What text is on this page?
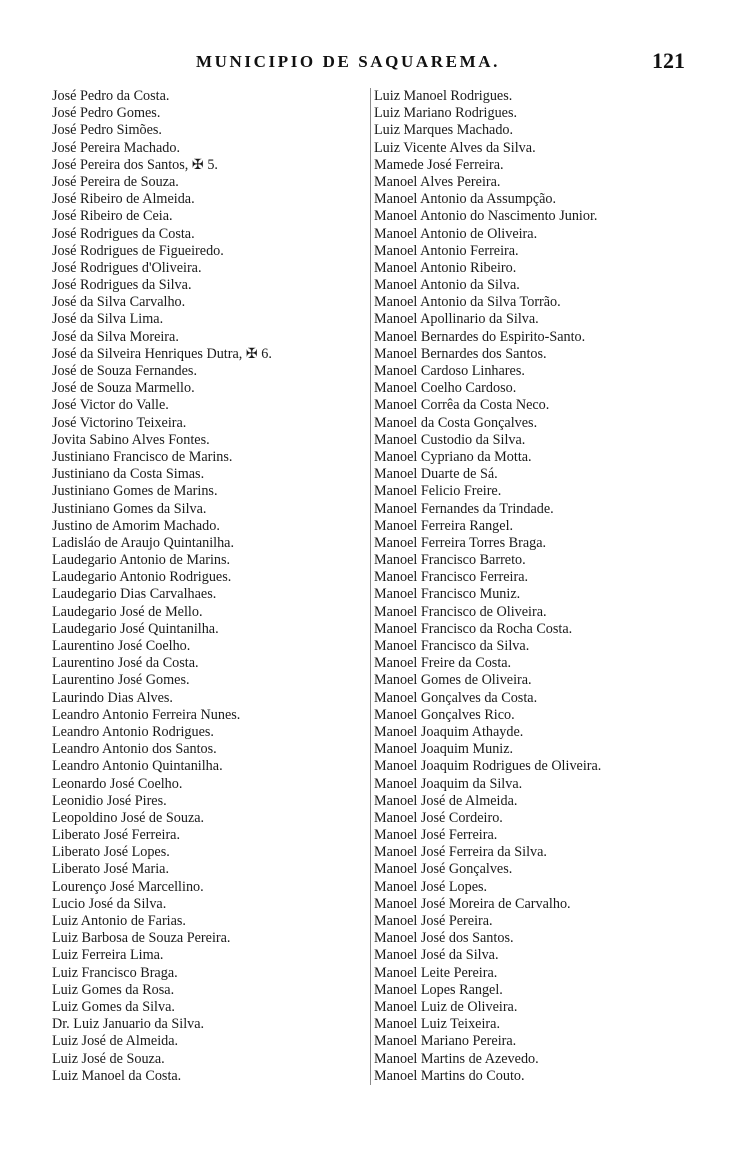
MUNICIPIO DE SAQUAREMA.	121
José Pedro da Costa.
José Pedro Gomes.
José Pedro Simões.
José Pereira Machado.
José Pereira dos Santos, ✠ 5.
José Pereira de Souza.
José Ribeiro de Almeida.
José Ribeiro de Ceia.
José Rodrigues da Costa.
José Rodrigues de Figueiredo.
José Rodrigues d'Oliveira.
José Rodrigues da Silva.
José da Silva Carvalho.
José da Silva Lima.
José da Silva Moreira.
José da Silveira Henriques Dutra, ✠ 6.
José de Souza Fernandes.
José de Souza Marmello.
José Victor do Valle.
José Victorino Teixeira.
Jovita Sabino Alves Fontes.
Justiniano Francisco de Marins.
Justiniano da Costa Simas.
Justiniano Gomes de Marins.
Justiniano Gomes da Silva.
Justino de Amorim Machado.
Ladisláo de Araujo Quintanilha.
Laudegario Antonio de Marins.
Laudegario Antonio Rodrigues.
Laudegario Dias Carvalhaes.
Laudegario José de Mello.
Laudegario José Quintanilha.
Laurentino José Coelho.
Laurentino José da Costa.
Laurentino José Gomes.
Laurindo Dias Alves.
Leandro Antonio Ferreira Nunes.
Leandro Antonio Rodrigues.
Leandro Antonio dos Santos.
Leandro Antonio Quintanilha.
Leonardo José Coelho.
Leonidio José Pires.
Leopoldino José de Souza.
Liberato José Ferreira.
Liberato José Lopes.
Liberato José Maria.
Lourenço José Marcellino.
Lucio José da Silva.
Luiz Antonio de Farias.
Luiz Barbosa de Souza Pereira.
Luiz Ferreira Lima.
Luiz Francisco Braga.
Luiz Gomes da Rosa.
Luiz Gomes da Silva.
Dr. Luiz Januario da Silva.
Luiz José de Almeida.
Luiz José de Souza.
Luiz Manoel da Costa.
Luiz Manoel Rodrigues.
Luiz Mariano Rodrigues.
Luiz Marques Machado.
Luiz Vicente Alves da Silva.
Mamede José Ferreira.
Manoel Alves Pereira.
Manoel Antonio da Assumpção.
Manoel Antonio do Nascimento Junior.
Manoel Antonio de Oliveira.
Manoel Antonio Ferreira.
Manoel Antonio Ribeiro.
Manoel Antonio da Silva.
Manoel Antonio da Silva Torrão.
Manoel Apollinario da Silva.
Manoel Bernardes do Espirito-Santo.
Manoel Bernardes dos Santos.
Manoel Cardoso Linhares.
Manoel Coelho Cardoso.
Manoel Corrêa da Costa Neco.
Manoel da Costa Gonçalves.
Manoel Custodio da Silva.
Manoel Cypriano da Motta.
Manoel Duarte de Sá.
Manoel Felicio Freire.
Manoel Fernandes da Trindade.
Manoel Ferreira Rangel.
Manoel Ferreira Torres Braga.
Manoel Francisco Barreto.
Manoel Francisco Ferreira.
Manoel Francisco Muniz.
Manoel Francisco de Oliveira.
Manoel Francisco da Rocha Costa.
Manoel Francisco da Silva.
Manoel Freire da Costa.
Manoel Gomes de Oliveira.
Manoel Gonçalves da Costa.
Manoel Gonçalves Rico.
Manoel Joaquim Athayde.
Manoel Joaquim Muniz.
Manoel Joaquim Rodrigues de Oliveira.
Manoel Joaquim da Silva.
Manoel José de Almeida.
Manoel José Cordeiro.
Manoel José Ferreira.
Manoel José Ferreira da Silva.
Manoel José Gonçalves.
Manoel José Lopes.
Manoel José Moreira de Carvalho.
Manoel José Pereira.
Manoel José dos Santos.
Manoel José da Silva.
Manoel Leite Pereira.
Manoel Lopes Rangel.
Manoel Luiz de Oliveira.
Manoel Luiz Teixeira.
Manoel Mariano Pereira.
Manoel Martins de Azevedo.
Manoel Martins do Couto.
